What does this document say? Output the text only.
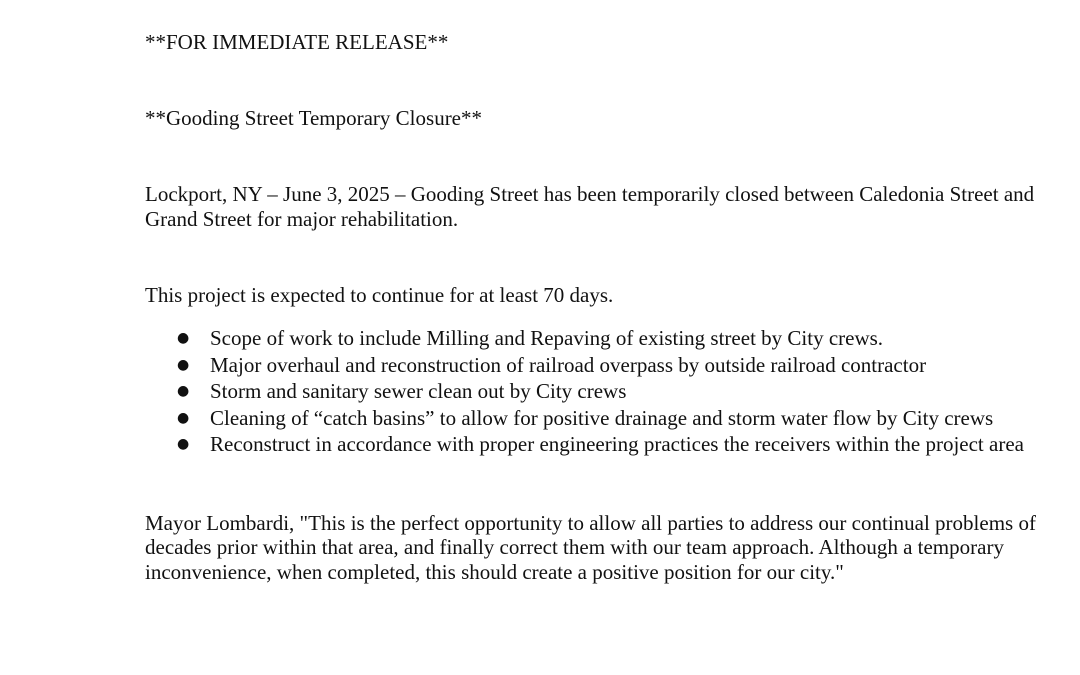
**FOR IMMEDIATE RELEASE**

**Gooding Street Temporary Closure**

Lockport, NY – June 3, 2025 – Gooding Street has been temporarily closed between Caledonia Street and Grand Street for major rehabilitation.

This project is expected to continue for at least 70 days.

● Scope of work to include Milling and Repaving of existing street by City crews.
● Major overhaul and reconstruction of railroad overpass by outside railroad contractor
● Storm and sanitary sewer clean out by City crews
● Cleaning of “catch basins” to allow for positive drainage and storm water flow by City crews
● Reconstruct in accordance with proper engineering practices the receivers within the project area

Mayor Lombardi, "This is the perfect opportunity to allow all parties to address our continual problems of decades prior within that area, and finally correct them with our team approach. Although a temporary inconvenience, when completed, this should create a positive position for our city."
